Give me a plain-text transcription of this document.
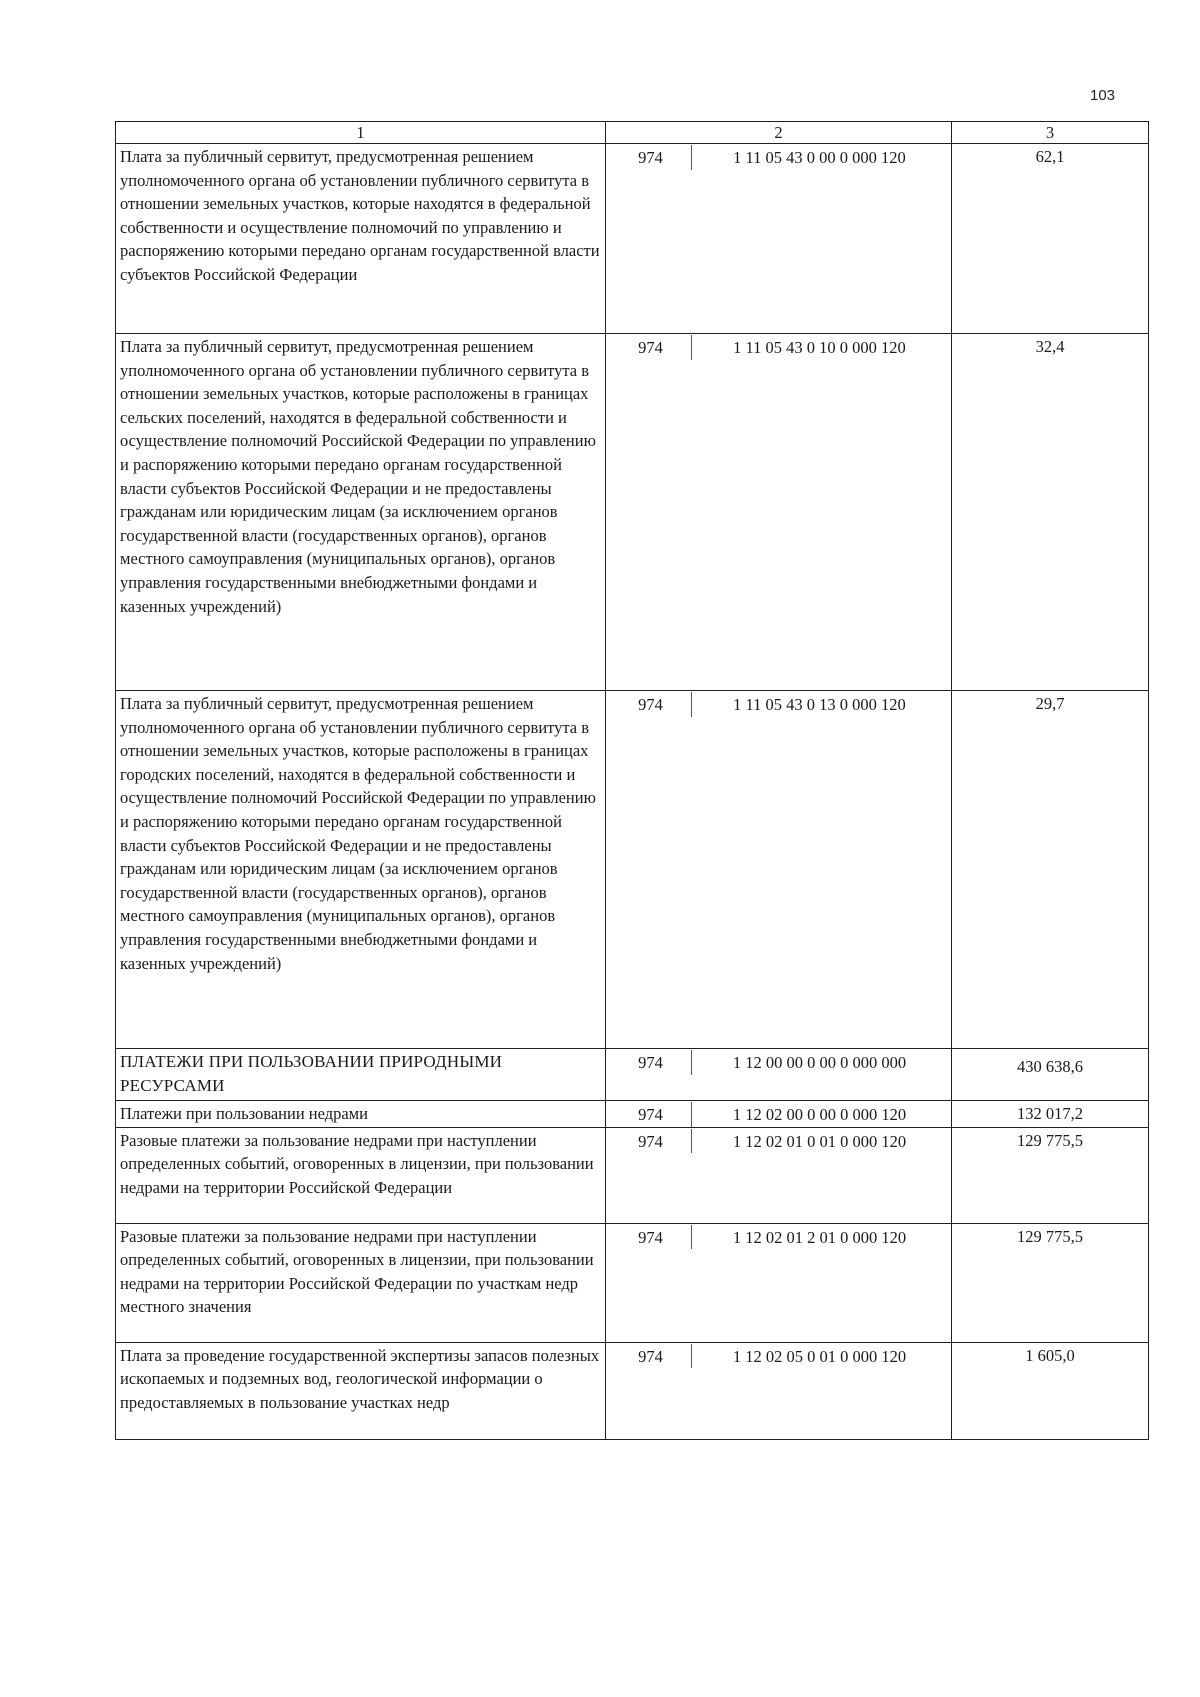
103
1	2	3
Плата за публичный сервитут, предусмотренная решением уполномоченного органа об установлении публичного сервитута в отношении земельных участков, которые находятся в федеральной собственности и осуществление полномочий по управлению и распоряжению которыми передано органам государственной власти субъектов Российской Федерации	974 1 11 05 43 0 00 0 000 120	62,1
Плата за публичный сервитут, предусмотренная решением уполномоченного органа об установлении публичного сервитута в отношении земельных участков, которые расположены в границах сельских поселений, находятся в федеральной собственности и осуществление полномочий Российской Федерации по управлению и распоряжению которыми передано органам государственной власти субъектов Российской Федерации и не предоставлены гражданам или юридическим лицам (за исключением органов государственной власти (государственных органов), органов местного самоуправления (муниципальных органов), органов управления государственными внебюджетными фондами и казенных учреждений)	974 1 11 05 43 0 10 0 000 120	32,4
Плата за публичный сервитут, предусмотренная решением уполномоченного органа об установлении публичного сервитута в отношении земельных участков, которые расположены в границах городских поселений, находятся в федеральной собственности и осуществление полномочий Российской Федерации по управлению и распоряжению которыми передано органам государственной власти субъектов Российской Федерации и не предоставлены гражданам или юридическим лицам (за исключением органов государственной власти (государственных органов), органов местного самоуправления (муниципальных органов), органов управления государственными внебюджетными фондами и казенных учреждений)	974 1 11 05 43 0 13 0 000 120	29,7
ПЛАТЕЖИ ПРИ ПОЛЬЗОВАНИИ ПРИРОДНЫМИ РЕСУРСАМИ	974 1 12 00 00 0 00 0 000 000	430 638,6
Платежи при пользовании недрами	974 1 12 02 00 0 00 0 000 120	132 017,2
Разовые платежи за пользование недрами при наступлении определенных событий, оговоренных в лицензии, при пользовании недрами на территории Российской Федерации	974 1 12 02 01 0 01 0 000 120	129 775,5
Разовые платежи за пользование недрами при наступлении определенных событий, оговоренных в лицензии, при пользовании недрами на территории Российской Федерации по участкам недр местного значения	974 1 12 02 01 2 01 0 000 120	129 775,5
Плата за проведение государственной экспертизы запасов полезных ископаемых и подземных вод, геологической информации о предоставляемых в пользование участках недр	974 1 12 02 05 0 01 0 000 120	1 605,0
